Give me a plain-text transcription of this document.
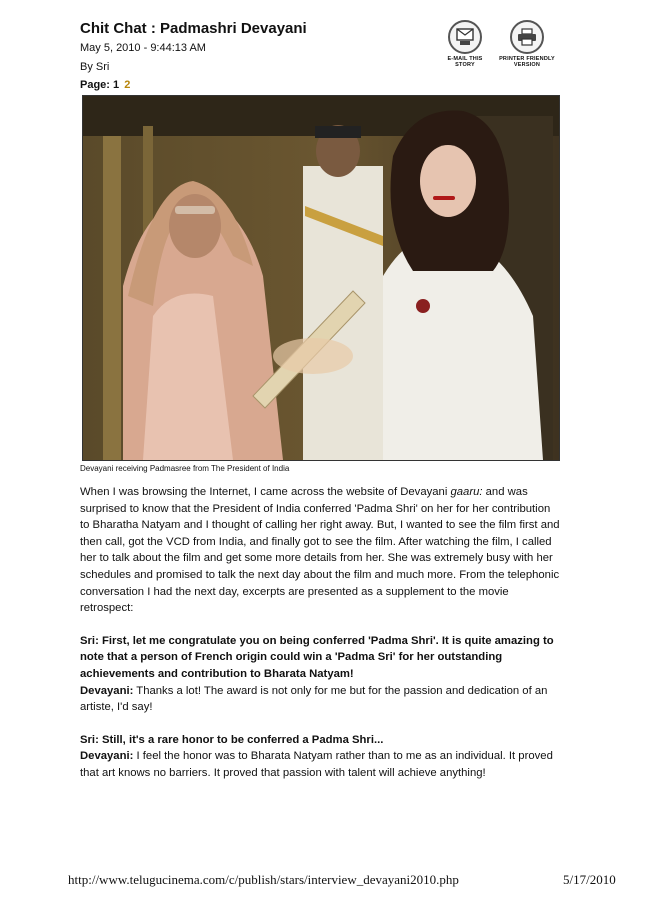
Chit Chat : Padmashri Devayani
May 5, 2010 - 9:44:13 AM
By Sri
Page: 1 2
E-MAIL THIS
STORY
PRINTER FRIENDLY
VERSION
Devayani receiving Padmasree from The President of India

When I was browsing the Internet, I came across the website of Devayani gaaru: and was surprised to know that the President of India conferred 'Padma Shri' on her for her contribution to Bharatha Natyam and I thought of calling her right away. But, I wanted to see the film first and then call, got the VCD from India, and finally got to see the film. After watching the film, I called her to talk about the film and get some more details from her. She was extremely busy with her schedules and promised to talk the next day about the film and much more. From the telephonic conversation I had the next day, excerpts are presented as a supplement to the movie retrospect:

Sri: First, let me congratulate you on being conferred 'Padma Shri'. It is quite amazing to note that a person of French origin could win a 'Padma Sri' for her outstanding achievements and contribution to Bharata Natyam!

Devayani: Thanks a lot! The award is not only for me but for the passion and dedication of an artiste, I'd say!

Sri: Still, it's a rare honor to be conferred a Padma Shri...

Devayani: I feel the honor was to Bharata Natyam rather than to me as an individual. It proved that art knows no barriers. It proved that passion with talent will achieve anything!

http://www.telugucinema.com/c/publish/stars/interview_devayani2010.php	5/17/2010
